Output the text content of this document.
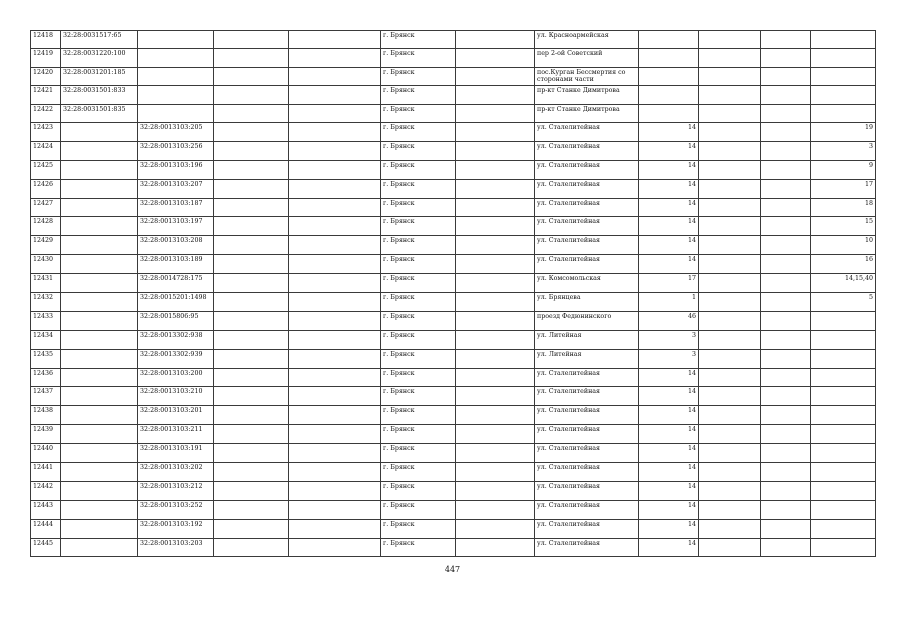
12418	32:28:0031517:65				г. Брянск		ул. Красноармейская				
12419	32:28:0031220:100				г. Брянск		пер 2-ой Советский				
12420	32:28:0031201:185				г. Брянск		пос.Курган Бессмертия со сторонами части				
12421	32:28:0031501:833				г. Брянск		пр-кт Станке Димитрова				
12422	32:28:0031501:835				г. Брянск		пр-кт Станке Димитрова				
12423		32:28:0013103:205			г. Брянск		ул. Сталелитейная	14			19
12424		32:28:0013103:256			г. Брянск		ул. Сталелитейная	14			3
12425		32:28:0013103:196			г. Брянск		ул. Сталелитейная	14			9
12426		32:28:0013103:207			г. Брянск		ул. Сталелитейная	14			17
12427		32:28:0013103:187			г. Брянск		ул. Сталелитейная	14			18
12428		32:28:0013103:197			г. Брянск		ул. Сталелитейная	14			15
12429		32:28:0013103:208			г. Брянск		ул. Сталелитейная	14			10
12430		32:28:0013103:189			г. Брянск		ул. Сталелитейная	14			16
12431		32:28:0014728:175			г. Брянск		ул. Комсомольская	17			14,15,40
12432		32:28:0015201:1498			г. Брянск		ул. Брянцева	1			5
12433		32:28:0015806:95			г. Брянск		проезд Федюнинского	46			
12434		32:28:0013302:938			г. Брянск		ул. Литейная	3			
12435		32:28:0013302:939			г. Брянск		ул. Литейная	3			
12436		32:28:0013103:200			г. Брянск		ул. Сталелитейная	14			
12437		32:28:0013103:210			г. Брянск		ул. Сталелитейная	14			
12438		32:28:0013103:201			г. Брянск		ул. Сталелитейная	14			
12439		32:28:0013103:211			г. Брянск		ул. Сталелитейная	14			
12440		32:28:0013103:191			г. Брянск		ул. Сталелитейная	14			
12441		32:28:0013103:202			г. Брянск		ул. Сталелитейная	14			
12442		32:28:0013103:212			г. Брянск		ул. Сталелитейная	14			
12443		32:28:0013103:252			г. Брянск		ул. Сталелитейная	14			
12444		32:28:0013103:192			г. Брянск		ул. Сталелитейная	14			
12445		32:28:0013103:203			г. Брянск		ул. Сталелитейная	14			
447
